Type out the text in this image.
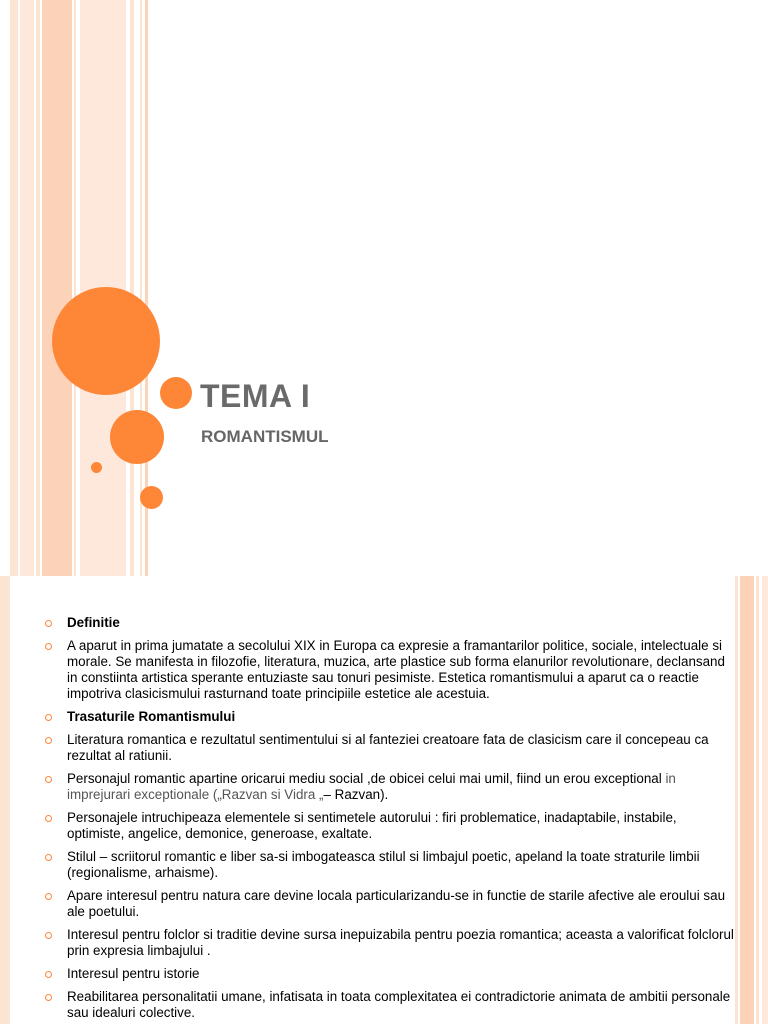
TEMA I
ROMANTISMUL
Definitie
A aparut in prima jumatate a secolului XIX in Europa ca expresie a framantarilor politice, sociale, intelectuale si morale. Se manifesta in filozofie, literatura, muzica, arte plastice sub forma elanurilor revolutionare, declansand in constiinta artistica sperante entuziaste sau tonuri pesimiste. Estetica romantismului a aparut ca o reactie impotriva clasicismului rasturnand toate principiile estetice ale acestuia.
Trasaturile Romantismului
Literatura romantica e rezultatul sentimentului si al fanteziei creatoare fata de clasicism care il concepeau ca rezultat al ratiunii.
Personajul romantic apartine oricarui mediu social ,de obicei celui mai umil, fiind un erou exceptional in imprejurari exceptionale („Razvan si Vidra „– Razvan).
Personajele intruchipeaza elementele si sentimetele autorului : firi problematice, inadaptabile, instabile, optimiste, angelice, demonice, generoase, exaltate.
Stilul – scriitorul romantic e liber sa-si imbogateasca stilul si limbajul poetic, apeland la toate straturile limbii (regionalisme, arhaisme).
Apare interesul pentru natura care devine locala particularizandu-se in functie de starile afective ale eroului sau ale poetului.
Interesul pentru folclor si traditie devine sursa inepuizabila pentru poezia romantica; aceasta a valorificat folclorul prin expresia limbajului .
Interesul pentru istorie
Reabilitarea personalitatii umane, infatisata in toata complexitatea ei contradictorie animata de ambitii personale sau idealuri colective.
